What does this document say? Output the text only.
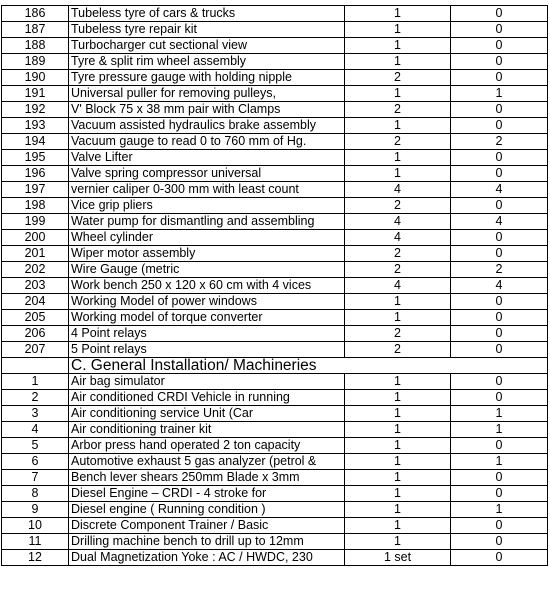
186	Tubeless tyre of cars & trucks	1	0
187	Tubeless tyre repair kit	1	0
188	Turbocharger cut sectional view	1	0
189	Tyre & split rim wheel assembly	1	0
190	Tyre pressure gauge with holding nipple	2	0
191	Universal puller for removing pulleys,	1	1
192	V' Block 75 x 38 mm pair with Clamps	2	0
193	Vacuum assisted hydraulics brake assembly	1	0
194	Vacuum gauge to read 0 to 760 mm of Hg.	2	2
195	Valve Lifter	1	0
196	Valve spring compressor universal	1	0
197	vernier caliper 0-300 mm with least count	4	4
198	Vice grip pliers	2	0
199	Water pump for dismantling and assembling	4	4
200	Wheel cylinder	4	0
201	Wiper motor assembly	2	0
202	Wire Gauge (metric	2	2
203	Work bench 250 x 120 x 60 cm with 4 vices	4	4
204	Working Model of power windows	1	0
205	Working model of torque converter	1	0
206	4 Point relays	2	0
207	5 Point relays	2	0
	C. General Installation/ Machineries		
1	Air bag simulator	1	0
2	Air conditioned CRDI Vehicle in running	1	0
3	Air conditioning service Unit (Car	1	1
4	Air conditioning trainer kit	1	1
5	Arbor press hand operated 2 ton capacity	1	0
6	Automotive exhaust 5 gas analyzer (petrol &	1	1
7	Bench lever shears 250mm Blade x 3mm	1	0
8	Diesel Engine – CRDI - 4 stroke for	1	0
9	Diesel engine ( Running condition )	1	1
10	Discrete Component Trainer / Basic	1	0
11	Drilling machine bench to drill up to 12mm	1	0
12	Dual Magnetization Yoke : AC / HWDC, 230	1 set	0
